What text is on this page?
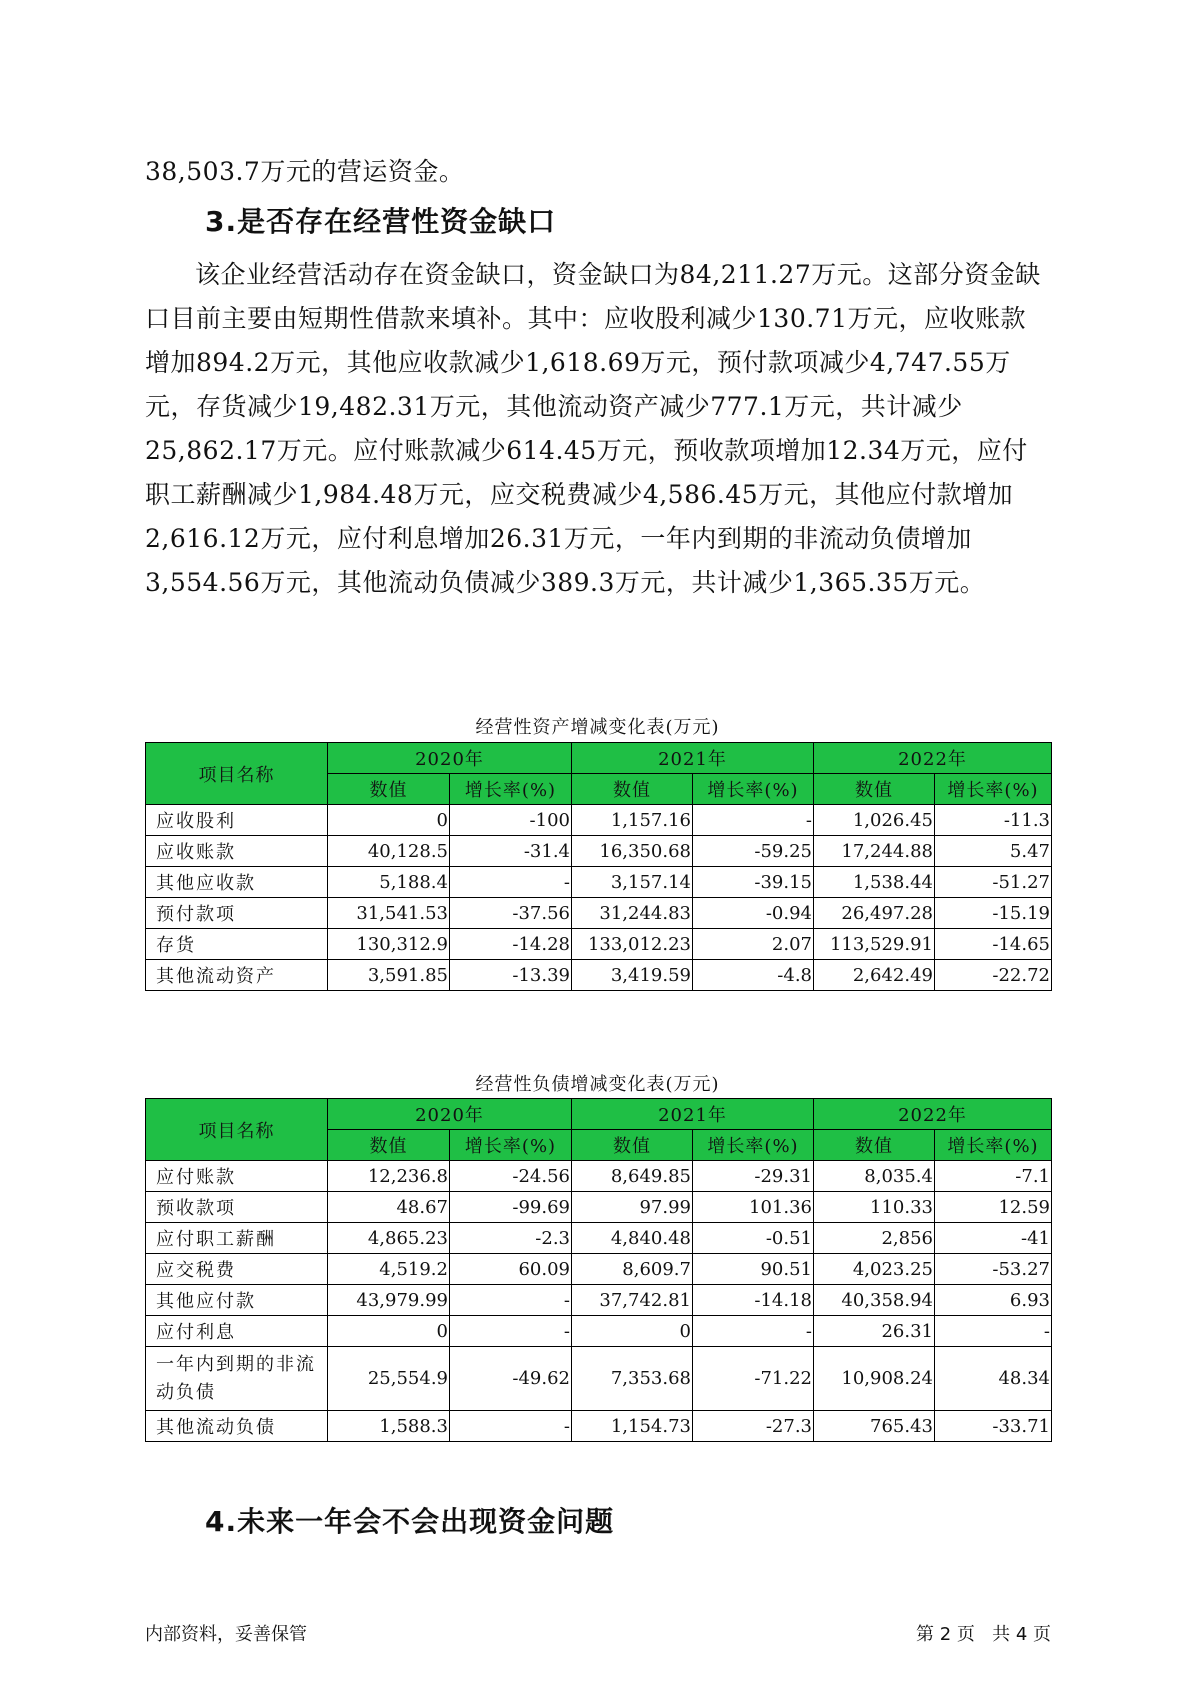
38,503.7万元的营运资金。

3.是否存在经营性资金缺口

该企业经营活动存在资金缺口，资金缺口为84,211.27万元。这部分资金缺口目前主要由短期性借款来填补。其中：应收股利减少130.71万元，应收账款增加894.2万元，其他应收款减少1,618.69万元，预付款项减少4,747.55万元，存货减少19,482.31万元，其他流动资产减少777.1万元，共计减少25,862.17万元。应付账款减少614.45万元，预收款项增加12.34万元，应付职工薪酬减少1,984.48万元，应交税费减少4,586.45万元，其他应付款增加2,616.12万元，应付利息增加26.31万元，一年内到期的非流动负债增加3,554.56万元，其他流动负债减少389.3万元，共计减少1,365.35万元。

经营性资产增减变化表(万元)
项目名称	2020年		2021年		2022年	
	数值	增长率(%)	数值	增长率(%)	数值	增长率(%)
应收股利	0	-100	1,157.16	-	1,026.45	-11.3
应收账款	40,128.5	-31.4	16,350.68	-59.25	17,244.88	5.47
其他应收款	5,188.4	-	3,157.14	-39.15	1,538.44	-51.27
预付款项	31,541.53	-37.56	31,244.83	-0.94	26,497.28	-15.19
存货	130,312.9	-14.28	133,012.23	2.07	113,529.91	-14.65
其他流动资产	3,591.85	-13.39	3,419.59	-4.8	2,642.49	-22.72
经营性负债增减变化表(万元)
项目名称	2020年		2021年		2022年	
	数值	增长率(%)	数值	增长率(%)	数值	增长率(%)
应付账款	12,236.8	-24.56	8,649.85	-29.31	8,035.4	-7.1
预收款项	48.67	-99.69	97.99	101.36	110.33	12.59
应付职工薪酬	4,865.23	-2.3	4,840.48	-0.51	2,856	-41
应交税费	4,519.2	60.09	8,609.7	90.51	4,023.25	-53.27
其他应付款	43,979.99	-	37,742.81	-14.18	40,358.94	6.93
应付利息	0	-	0	-	26.31	-
一年内到期的非流动负债	25,554.9	-49.62	7,353.68	-71.22	10,908.24	48.34
其他流动负债	1,588.3	-	1,154.73	-27.3	765.43	-33.71
4.未来一年会不会出现资金问题
内部资料，妥善保管	第 2 页   共 4 页
